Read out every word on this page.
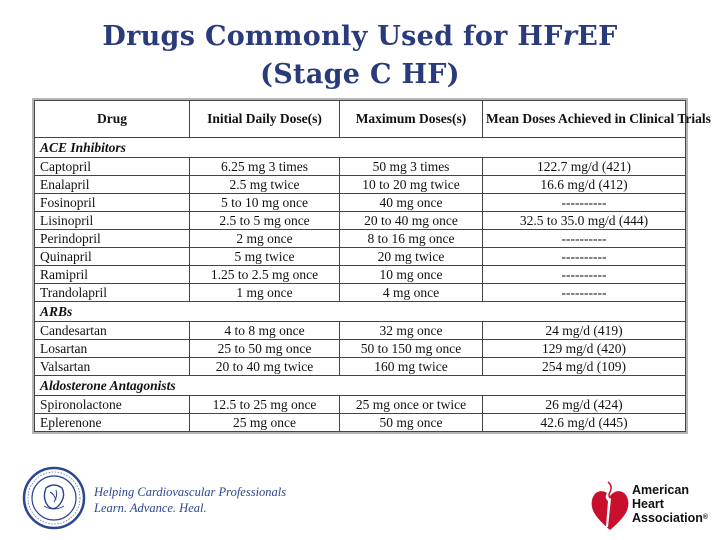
Drugs Commonly Used for HFrEF
(Stage C HF)
Drug	Initial Daily Dose(s)	Maximum Doses(s)	Mean Doses Achieved in Clinical Trials
ACE Inhibitors			
Captopril	6.25 mg 3 times	50 mg 3 times	122.7 mg/d (421)
Enalapril	2.5 mg twice	10 to 20 mg twice	16.6 mg/d (412)
Fosinopril	5 to 10 mg once	40 mg once	----------
Lisinopril	2.5 to 5 mg once	20 to 40 mg once	32.5 to 35.0 mg/d (444)
Perindopril	2 mg once	8 to 16 mg once	----------
Quinapril	5 mg twice	20 mg twice	----------
Ramipril	1.25 to 2.5 mg once	10 mg once	----------
Trandolapril	1 mg once	4 mg once	----------
ARBs			
Candesartan	4 to 8 mg once	32 mg once	24 mg/d (419)
Losartan	25 to 50 mg once	50 to 150 mg once	129 mg/d (420)
Valsartan	20 to 40 mg twice	160 mg twice	254 mg/d (109)
Aldosterone Antagonists			
Spironolactone	12.5 to 25 mg once	25 mg once or twice	26 mg/d (424)
Eplerenone	25 mg once	50 mg once	42.6 mg/d (445)
Helping Cardiovascular Professionals
Learn. Advance. Heal.
American
Heart
Association®
